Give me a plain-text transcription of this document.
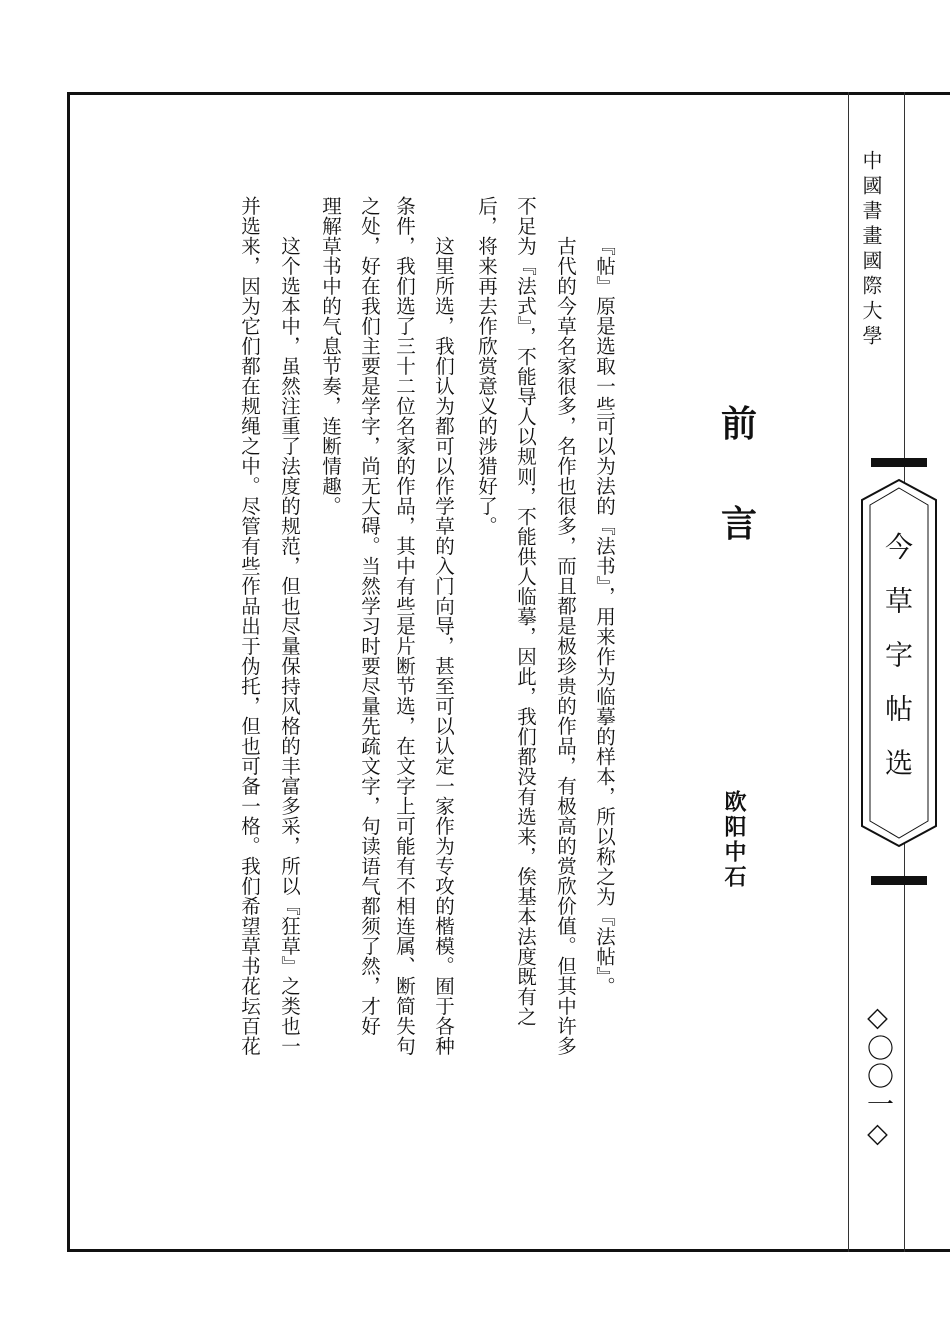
中國書畫國際大學
今草字帖选
◇〇〇一◇
前
言
欧阳中石
『帖』原是选取一些可以为法的『法书』，用来作为临摹的样本，所以称之为『法帖』。
古代的今草名家很多，名作也很多，而且都是极珍贵的作品，有极高的赏欣价值。但其中许多
不足为『法式』，不能导人以规则，不能供人临摹，因此，我们都没有选来，俟基本法度既有之
后，将来再去作欣赏意义的涉猎好了。
这里所选，我们认为都可以作学草的入门向导，甚至可以认定一家作为专攻的楷模。囿于各种
条件，我们选了三十二位名家的作品，其中有些是片断节选，在文字上可能有不相连属、断简失句
之处，好在我们主要是学字，尚无大碍。当然学习时要尽量先疏文字，句读语气都须了然，才好
理解草书中的气息节奏，连断情趣。
这个选本中，虽然注重了法度的规范，但也尽量保持风格的丰富多采，所以『狂草』之类也一
并选来，因为它们都在规绳之中。尽管有些作品出于伪托，但也可备一格。我们希望草书花坛百花
